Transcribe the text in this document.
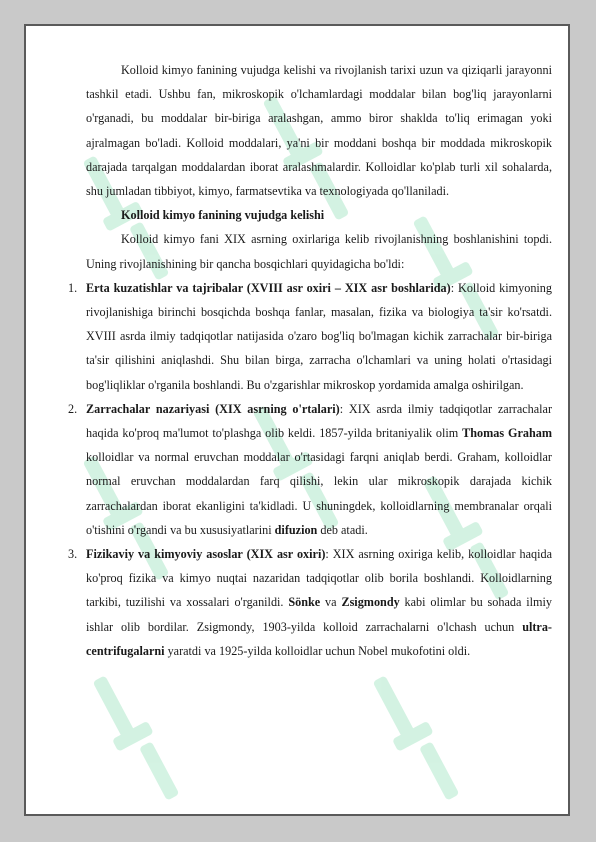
Kolloid kimyo fanining vujudga kelishi va rivojlanish tarixi uzun va qiziqarli jarayonni tashkil etadi. Ushbu fan, mikroskopik o'lchamlardagi moddalar bilan bog'liq jarayonlarni o'rganadi, bu moddalar bir-biriga aralashgan, ammo biror shaklda to'liq erimagan yoki ajralmagan bo'ladi. Kolloid moddalari, ya'ni bir moddani boshqa bir moddada mikroskopik darajada tarqalgan moddalardan iborat aralashmalardir. Kolloidlar ko'plab turli xil sohalarda, shu jumladan tibbiyot, kimyo, farmatsevtika va texnologiyada qo'llaniladi.

Kolloid kimyo fanining vujudga kelishi

Kolloid kimyo fani XIX asrning oxirlariga kelib rivojlanishning boshlanishini topdi. Uning rivojlanishining bir qancha bosqichlari quyidagicha bo'ldi:

1. Erta kuzatishlar va tajribalar (XVIII asr oxiri – XIX asr boshlarida): Kolloid kimyoning rivojlanishiga birinchi bosqichda boshqa fanlar, masalan, fizika va biologiya ta'sir ko'rsatdi. XVIII asrda ilmiy tadqiqotlar natijasida o'zaro bog'liq bo'lmagan kichik zarrachalar bir-biriga ta'sir qilishini aniqlashdi. Shu bilan birga, zarracha o'lchamlari va uning holati o'rtasidagi bog'liqliklar o'rganila boshlandi. Bu o'zgarishlar mikroskop yordamida amalga oshirilgan.
2. Zarrachalar nazariyasi (XIX asrning o'rtalari): XIX asrda ilmiy tadqiqotlar zarrachalar haqida ko'proq ma'lumot to'plashga olib keldi. 1857-yilda britaniyalik olim Thomas Graham kolloidlar va normal eruvchan moddalar o'rtasidagi farqni aniqlab berdi. Graham, kolloidlar normal eruvchan moddalardan farq qilishi, lekin ular mikroskopik darajada kichik zarrachalardan iborat ekanligini ta'kidladi. U shuningdek, kolloidlarning membranalar orqali o'tishini o'rgandi va bu xususiyatlarini difuzion deb atadi.
3. Fizikaviy va kimyoviy asoslar (XIX asr oxiri): XIX asrning oxiriga kelib, kolloidlar haqida ko'proq fizika va kimyo nuqtai nazaridan tadqiqotlar olib borila boshlandi. Kolloidlarning tarkibi, tuzilishi va xossalari o'rganildi. Sönke va Zsigmondy kabi olimlar bu sohada ilmiy ishlar olib bordilar. Zsigmondy, 1903-yilda kolloid zarrachalarni o'lchash uchun ultra-centrifugalarni yaratdi va 1925-yilda kolloidlar uchun Nobel mukofotini oldi.
